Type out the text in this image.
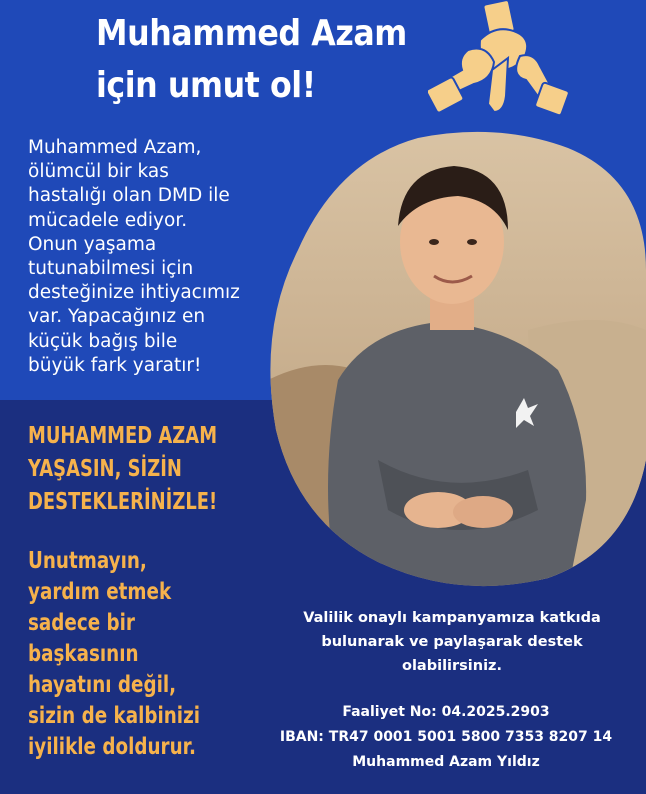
Muhammed Azam
için umut ol!
Muhammed Azam,
ölümcül bir kas
hastalığı olan DMD ile
mücadele ediyor.
Onun yaşama
tutunabilmesi için
desteğinize ihtiyacımız
var. Yapacağınız en
küçük bağış bile
büyük fark yaratır!
MUHAMMED AZAM
YAŞASIN, SİZİN
DESTEKLERİNİZLE!
Unutmayın,
yardım etmek
sadece bir
başkasının
hayatını değil,
sizin de kalbinizi
iyilikle doldurur.
Valilik onaylı kampanyamıza katkıda
bulunarak ve paylaşarak destek
olabilirsiniz.
Faaliyet No: 04.2025.2903
IBAN: TR47 0001 5001 5800 7353 8207 14
Muhammed Azam Yıldız
